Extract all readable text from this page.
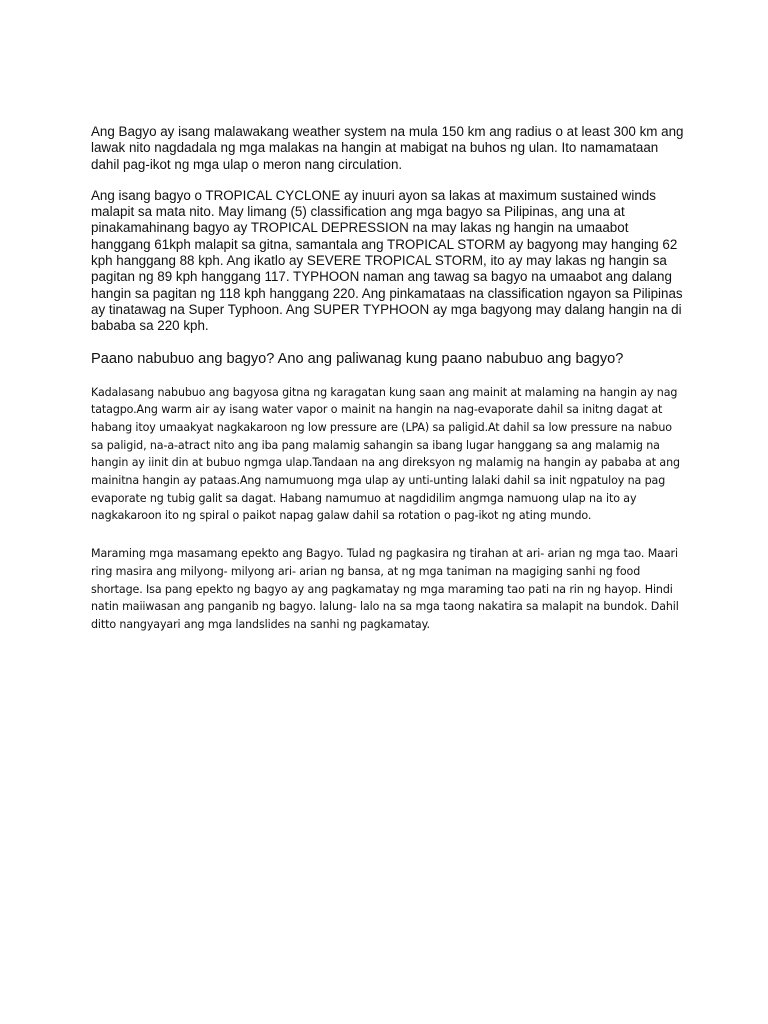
Ang Bagyo ay isang malawakang weather system na mula 150 km ang radius o at least 300 km ang lawak nito nagdadala ng mga malakas na hangin at mabigat na buhos ng ulan. Ito namamataan dahil pag-ikot ng mga ulap o meron nang circulation.

Ang isang bagyo o TROPICAL CYCLONE ay inuuri ayon sa lakas at maximum sustained winds malapit sa mata nito. May limang (5) classification ang mga bagyo sa Pilipinas, ang una at pinakamahinang bagyo ay TROPICAL DEPRESSION na may lakas ng hangin na umaabot hanggang 61kph malapit sa gitna, samantala ang TROPICAL STORM ay bagyong may hanging 62 kph hanggang 88 kph. Ang ikatlo ay SEVERE TROPICAL STORM, ito ay may lakas ng hangin sa pagitan ng 89 kph hanggang 117. TYPHOON naman ang tawag sa bagyo na umaabot ang dalang hangin sa pagitan ng 118 kph hanggang 220. Ang pinkamataas na classification ngayon sa Pilipinas ay tinatawag na Super Typhoon. Ang SUPER TYPHOON ay mga bagyong may dalang hangin na di bababa sa 220 kph.

Paano nabubuo ang bagyo? Ano ang paliwanag kung paano nabubuo ang bagyo?

Kadalasang nabubuo ang bagyosa gitna ng karagatan kung saan ang mainit at malaming na hangin ay nag tatagpo.Ang warm air ay isang water vapor o mainit na hangin na nag-evaporate dahil sa initng dagat at habang itoy umaakyat nagkakaroon ng low pressure are (LPA) sa paligid.At dahil sa low pressure na nabuo sa paligid, na-a-atract nito ang iba pang malamig sahangin sa ibang lugar hanggang sa ang malamig na hangin ay iinit din at bubuo ngmga ulap.Tandaan na ang direksyon ng malamig na hangin ay pababa at ang mainitna hangin ay pataas.Ang namumuong mga ulap ay unti-unting lalaki dahil sa init ngpatuloy na pag evaporate ng tubig galit sa dagat. Habang namumuo at nagdidilim angmga namuong ulap na ito ay nagkakaroon ito ng spiral o paikot napag galaw dahil sa rotation o pag-ikot ng ating mundo.

Maraming mga masamang epekto ang Bagyo. Tulad ng pagkasira ng tirahan at ari- arian ng mga tao. Maari ring masira ang milyong- milyong ari- arian ng bansa, at ng mga taniman na magiging sanhi ng food shortage. Isa pang epekto ng bagyo ay ang pagkamatay ng mga maraming tao pati na rin ng hayop. Hindi natin maiiwasan ang panganib ng bagyo. lalung- lalo na sa mga taong nakatira sa malapit na bundok. Dahil ditto nangyayari ang mga landslides na sanhi ng pagkamatay.
